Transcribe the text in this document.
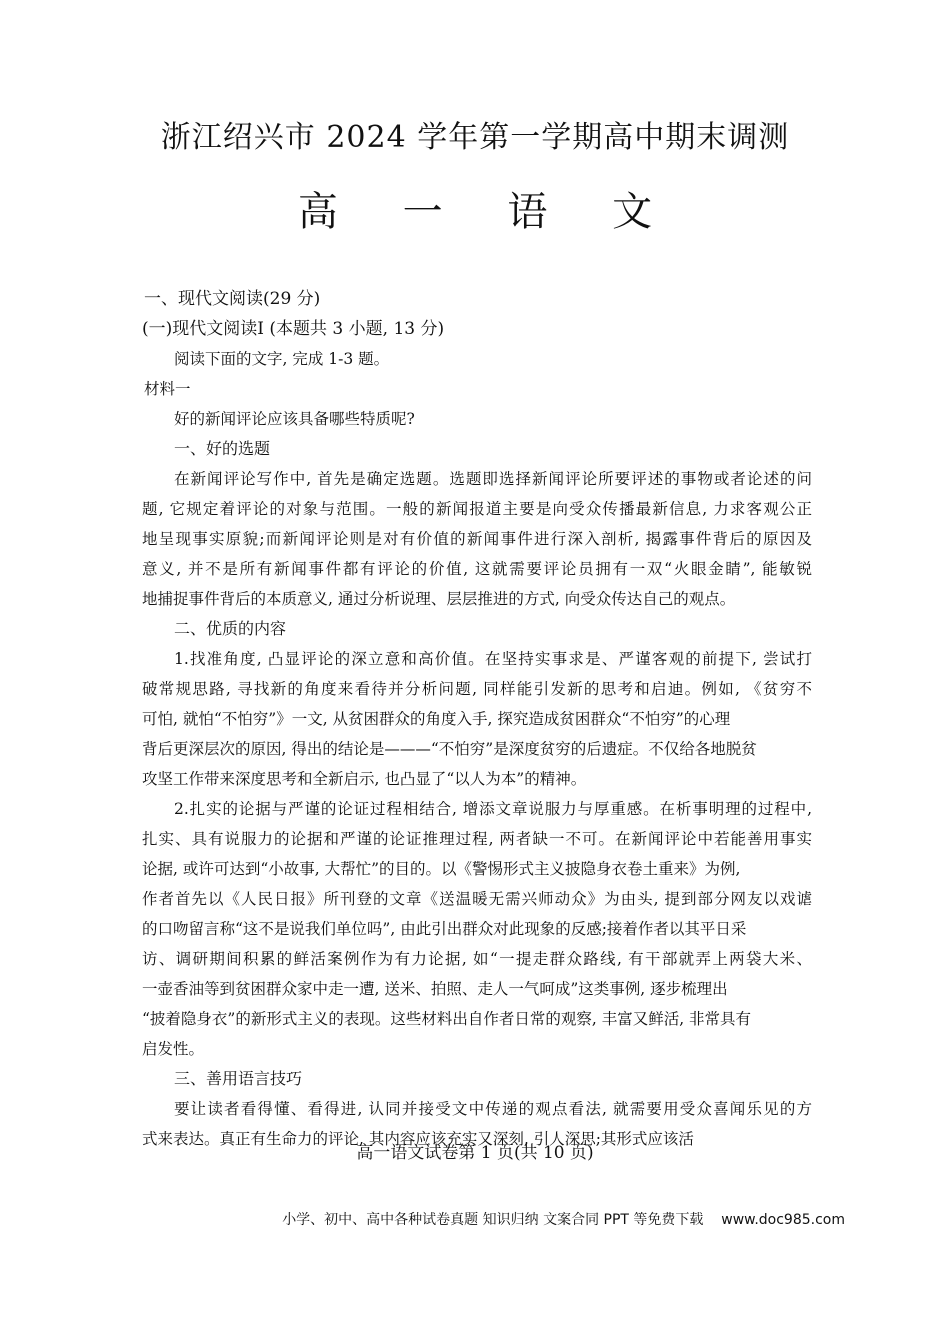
浙江绍兴市 2024 学年第一学期高中期末调测
高 一 语 文
一、现代文阅读(29 分)
(一)现代文阅读Ⅰ (本题共 3 小题, 13 分)
阅读下面的文字, 完成 1-3 题。
材料一
好的新闻评论应该具备哪些特质呢?
一、好的选题
在新闻评论写作中, 首先是确定选题。选题即选择新闻评论所要评述的事物或者论述的问
题, 它规定着评论的对象与范围。一般的新闻报道主要是向受众传播最新信息, 力求客观公正
地呈现事实原貌;而新闻评论则是对有价值的新闻事件进行深入剖析, 揭露事件背后的原因及
意义, 并不是所有新闻事件都有评论的价值, 这就需要评论员拥有一双“火眼金睛”, 能敏锐
地捕捉事件背后的本质意义, 通过分析说理、层层推进的方式, 向受众传达自己的观点。
二、优质的内容
1.找准角度, 凸显评论的深立意和高价值。在坚持实事求是、严谨客观的前提下, 尝试打
破常规思路, 寻找新的角度来看待并分析问题, 同样能引发新的思考和启迪。例如, 《贫穷不
可怕, 就怕“不怕穷”》一文, 从贫困群众的角度入手, 探究造成贫困群众“不怕穷”的心理
背后更深层次的原因, 得出的结论是———“不怕穷”是深度贫穷的后遗症。不仅给各地脱贫
攻坚工作带来深度思考和全新启示, 也凸显了“以人为本”的精神。
2.扎实的论据与严谨的论证过程相结合, 增添文章说服力与厚重感。在析事明理的过程中,
扎实、具有说服力的论据和严谨的论证推理过程, 两者缺一不可。在新闻评论中若能善用事实
论据, 或许可达到“小故事, 大帮忙”的目的。以《警惕形式主义披隐身衣卷土重来》为例,
作者首先以《人民日报》所刊登的文章《送温暖无需兴师动众》为由头, 提到部分网友以戏谑
的口吻留言称“这不是说我们单位吗”, 由此引出群众对此现象的反感;接着作者以其平日采
访、调研期间积累的鲜活案例作为有力论据, 如“一提走群众路线, 有干部就弄上两袋大米、
一壶香油等到贫困群众家中走一遭, 送米、拍照、走人一气呵成”这类事例, 逐步梳理出
“披着隐身衣”的新形式主义的表现。这些材料出自作者日常的观察, 丰富又鲜活, 非常具有
启发性。
三、善用语言技巧
要让读者看得懂、看得进, 认同并接受文中传递的观点看法, 就需要用受众喜闻乐见的方
式来表达。真正有生命力的评论, 其内容应该充实又深刻, 引人深思;其形式应该活

高一语文试卷第 1 页(共 10 页)

小学、初中、高中各种试卷真题 知识归纳 文案合同 PPT 等免费下载 www.doc985.com
